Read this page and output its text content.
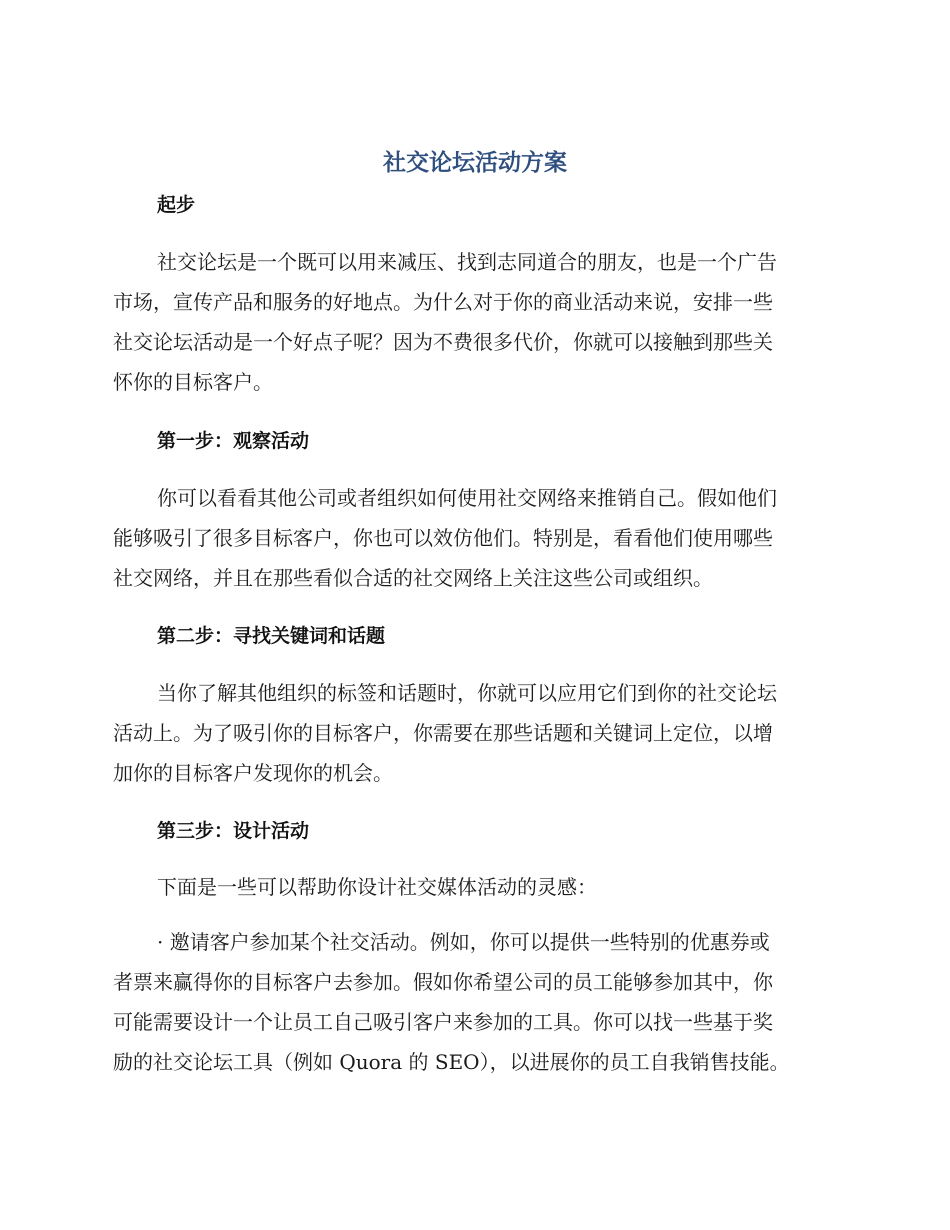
社交论坛活动方案
起步
社交论坛是一个既可以用来减压、找到志同道合的朋友，也是一个广告
市场，宣传产品和服务的好地点。为什么对于你的商业活动来说，安排一些
社交论坛活动是一个好点子呢？因为不费很多代价，你就可以接触到那些关
怀你的目标客户。
第一步：观察活动
你可以看看其他公司或者组织如何使用社交网络来推销自己。假如他们
能够吸引了很多目标客户，你也可以效仿他们。特别是，看看他们使用哪些
社交网络，并且在那些看似合适的社交网络上关注这些公司或组织。
第二步：寻找关键词和话题
当你了解其他组织的标签和话题时，你就可以应用它们到你的社交论坛
活动上。为了吸引你的目标客户，你需要在那些话题和关键词上定位，以增
加你的目标客户发现你的机会。
第三步：设计活动
下面是一些可以帮助你设计社交媒体活动的灵感：
· 邀请客户参加某个社交活动。例如，你可以提供一些特别的优惠券或
者票来赢得你的目标客户去参加。假如你希望公司的员工能够参加其中，你
可能需要设计一个让员工自己吸引客户来参加的工具。你可以找一些基于奖
励的社交论坛工具（例如 Quora 的 SEO），以进展你的员工自我销售技能。
